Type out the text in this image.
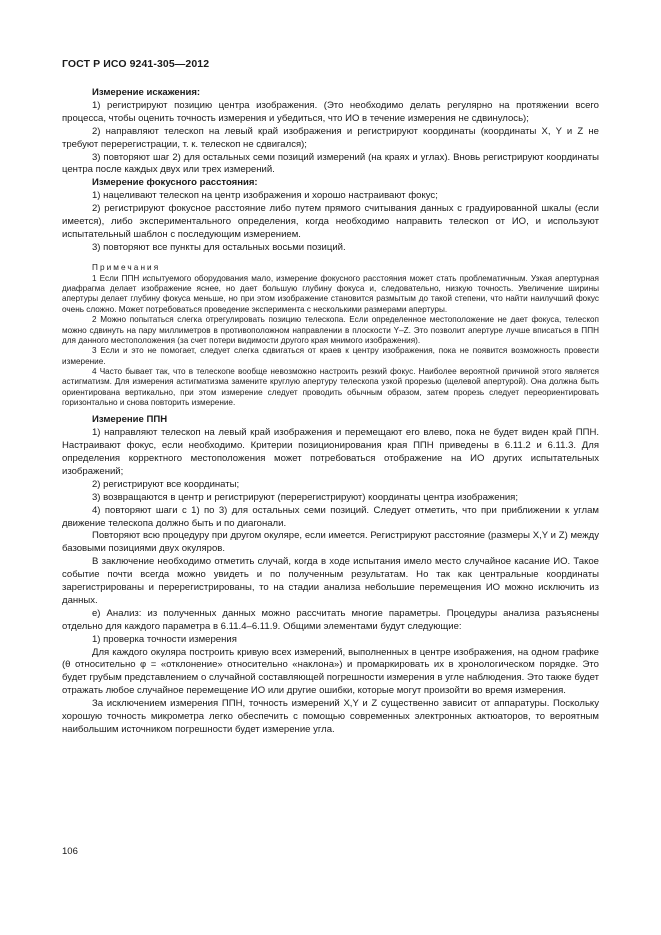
ГОСТ Р ИСО 9241-305—2012

Измерение искажения:

1) регистрируют позицию центра изображения. (Это необходимо делать регулярно на протяжении всего процесса, чтобы оценить точность измерения и убедиться, что ИО в течение измерения не сдвинулось);

2) направляют телескоп на левый край изображения и регистрируют координаты (координаты X, Y и Z не требуют перерегистрации, т. к. телескоп не сдвигался);

3) повторяют шаг 2) для остальных семи позиций измерений (на краях и углах). Вновь регистрируют координаты центра после каждых двух или трех измерений.

Измерение фокусного расстояния:

1) нацеливают телескоп на центр изображения и хорошо настраивают фокус;

2) регистрируют фокусное расстояние либо путем прямого считывания данных с градуированной шкалы (если имеется), либо экспериментального определения, когда необходимо направить телескоп от ИО, и используют испытательный шаблон с последующим измерением.

3) повторяют все пункты для остальных восьми позиций.

Примечания

1 Если ППН испытуемого оборудования мало, измерение фокусного расстояния может стать проблематичным. Узкая апертурная диафрагма делает изображение яснее, но дает большую глубину фокуса и, следовательно, низкую точность. Увеличение ширины апертуры делает глубину фокуса меньше, но при этом изображение становится размытым до такой степени, что найти наилучший фокус очень сложно. Может потребоваться проведение эксперимента с несколькими размерами апертуры.

2 Можно попытаться слегка отрегулировать позицию телескопа. Если определенное местоположение не дает фокуса, телескоп можно сдвинуть на пару миллиметров в противоположном направлении в плоскости Y–Z. Это позволит апертуре лучше вписаться в ППН для данного местоположения (за счет потери видимости другого края мнимого изображения).

3 Если и это не помогает, следует слегка сдвигаться от краев к центру изображения, пока не появится возможность провести измерение.

4 Часто бывает так, что в телескопе вообще невозможно настроить резкий фокус. Наиболее вероятной причиной этого является астигматизм. Для измерения астигматизма замените круглую апертуру телескопа узкой прорезью (щелевой апертурой). Она должна быть ориентирована вертикально, при этом измерение следует проводить обычным образом, затем прорезь следует переориентировать горизонтально и снова повторить измерение.

Измерение ППН

1) направляют телескоп на левый край изображения и перемещают его влево, пока не будет виден край ППН. Настраивают фокус, если необходимо. Критерии позиционирования края ППН приведены в 6.11.2 и 6.11.3. Для определения корректного местоположения может потребоваться отображение на ИО других испытательных изображений;

2) регистрируют все координаты;

3) возвращаются в центр и регистрируют (перерегистрируют) координаты центра изображения;

4) повторяют шаги с 1) по 3) для остальных семи позиций. Следует отметить, что при приближении к углам движение телескопа должно быть и по диагонали.

Повторяют всю процедуру при другом окуляре, если имеется. Регистрируют расстояние (размеры X,Y и Z) между базовыми позициями двух окуляров.

В заключение необходимо отметить случай, когда в ходе испытания имело место случайное касание ИО. Такое событие почти всегда можно увидеть и по полученным результатам. Но так как центральные координаты зарегистрированы и перерегистрированы, то на стадии анализа небольшие перемещения ИО можно исключить из данных.

e) Анализ: из полученных данных можно рассчитать многие параметры. Процедуры анализа разъяснены отдельно для каждого параметра в 6.11.4–6.11.9. Общими элементами будут следующие:

1) проверка точности измерения

Для каждого окуляра построить кривую всех измерений, выполненных в центре изображения, на одном графике (θ относительно φ = «отклонение» относительно «наклона») и промаркировать их в хронологическом порядке. Это будет грубым представлением о случайной составляющей погрешности измерения в угле наблюдения. Это также будет отражать любое случайное перемещение ИО или другие ошибки, которые могут произойти во время измерения.

За исключением измерения ППН, точность измерений X,Y и Z существенно зависит от аппаратуры. Поскольку хорошую точность микрометра легко обеспечить с помощью современных электронных актюаторов, то вероятным наибольшим источником погрешности будет измерение угла.

106
